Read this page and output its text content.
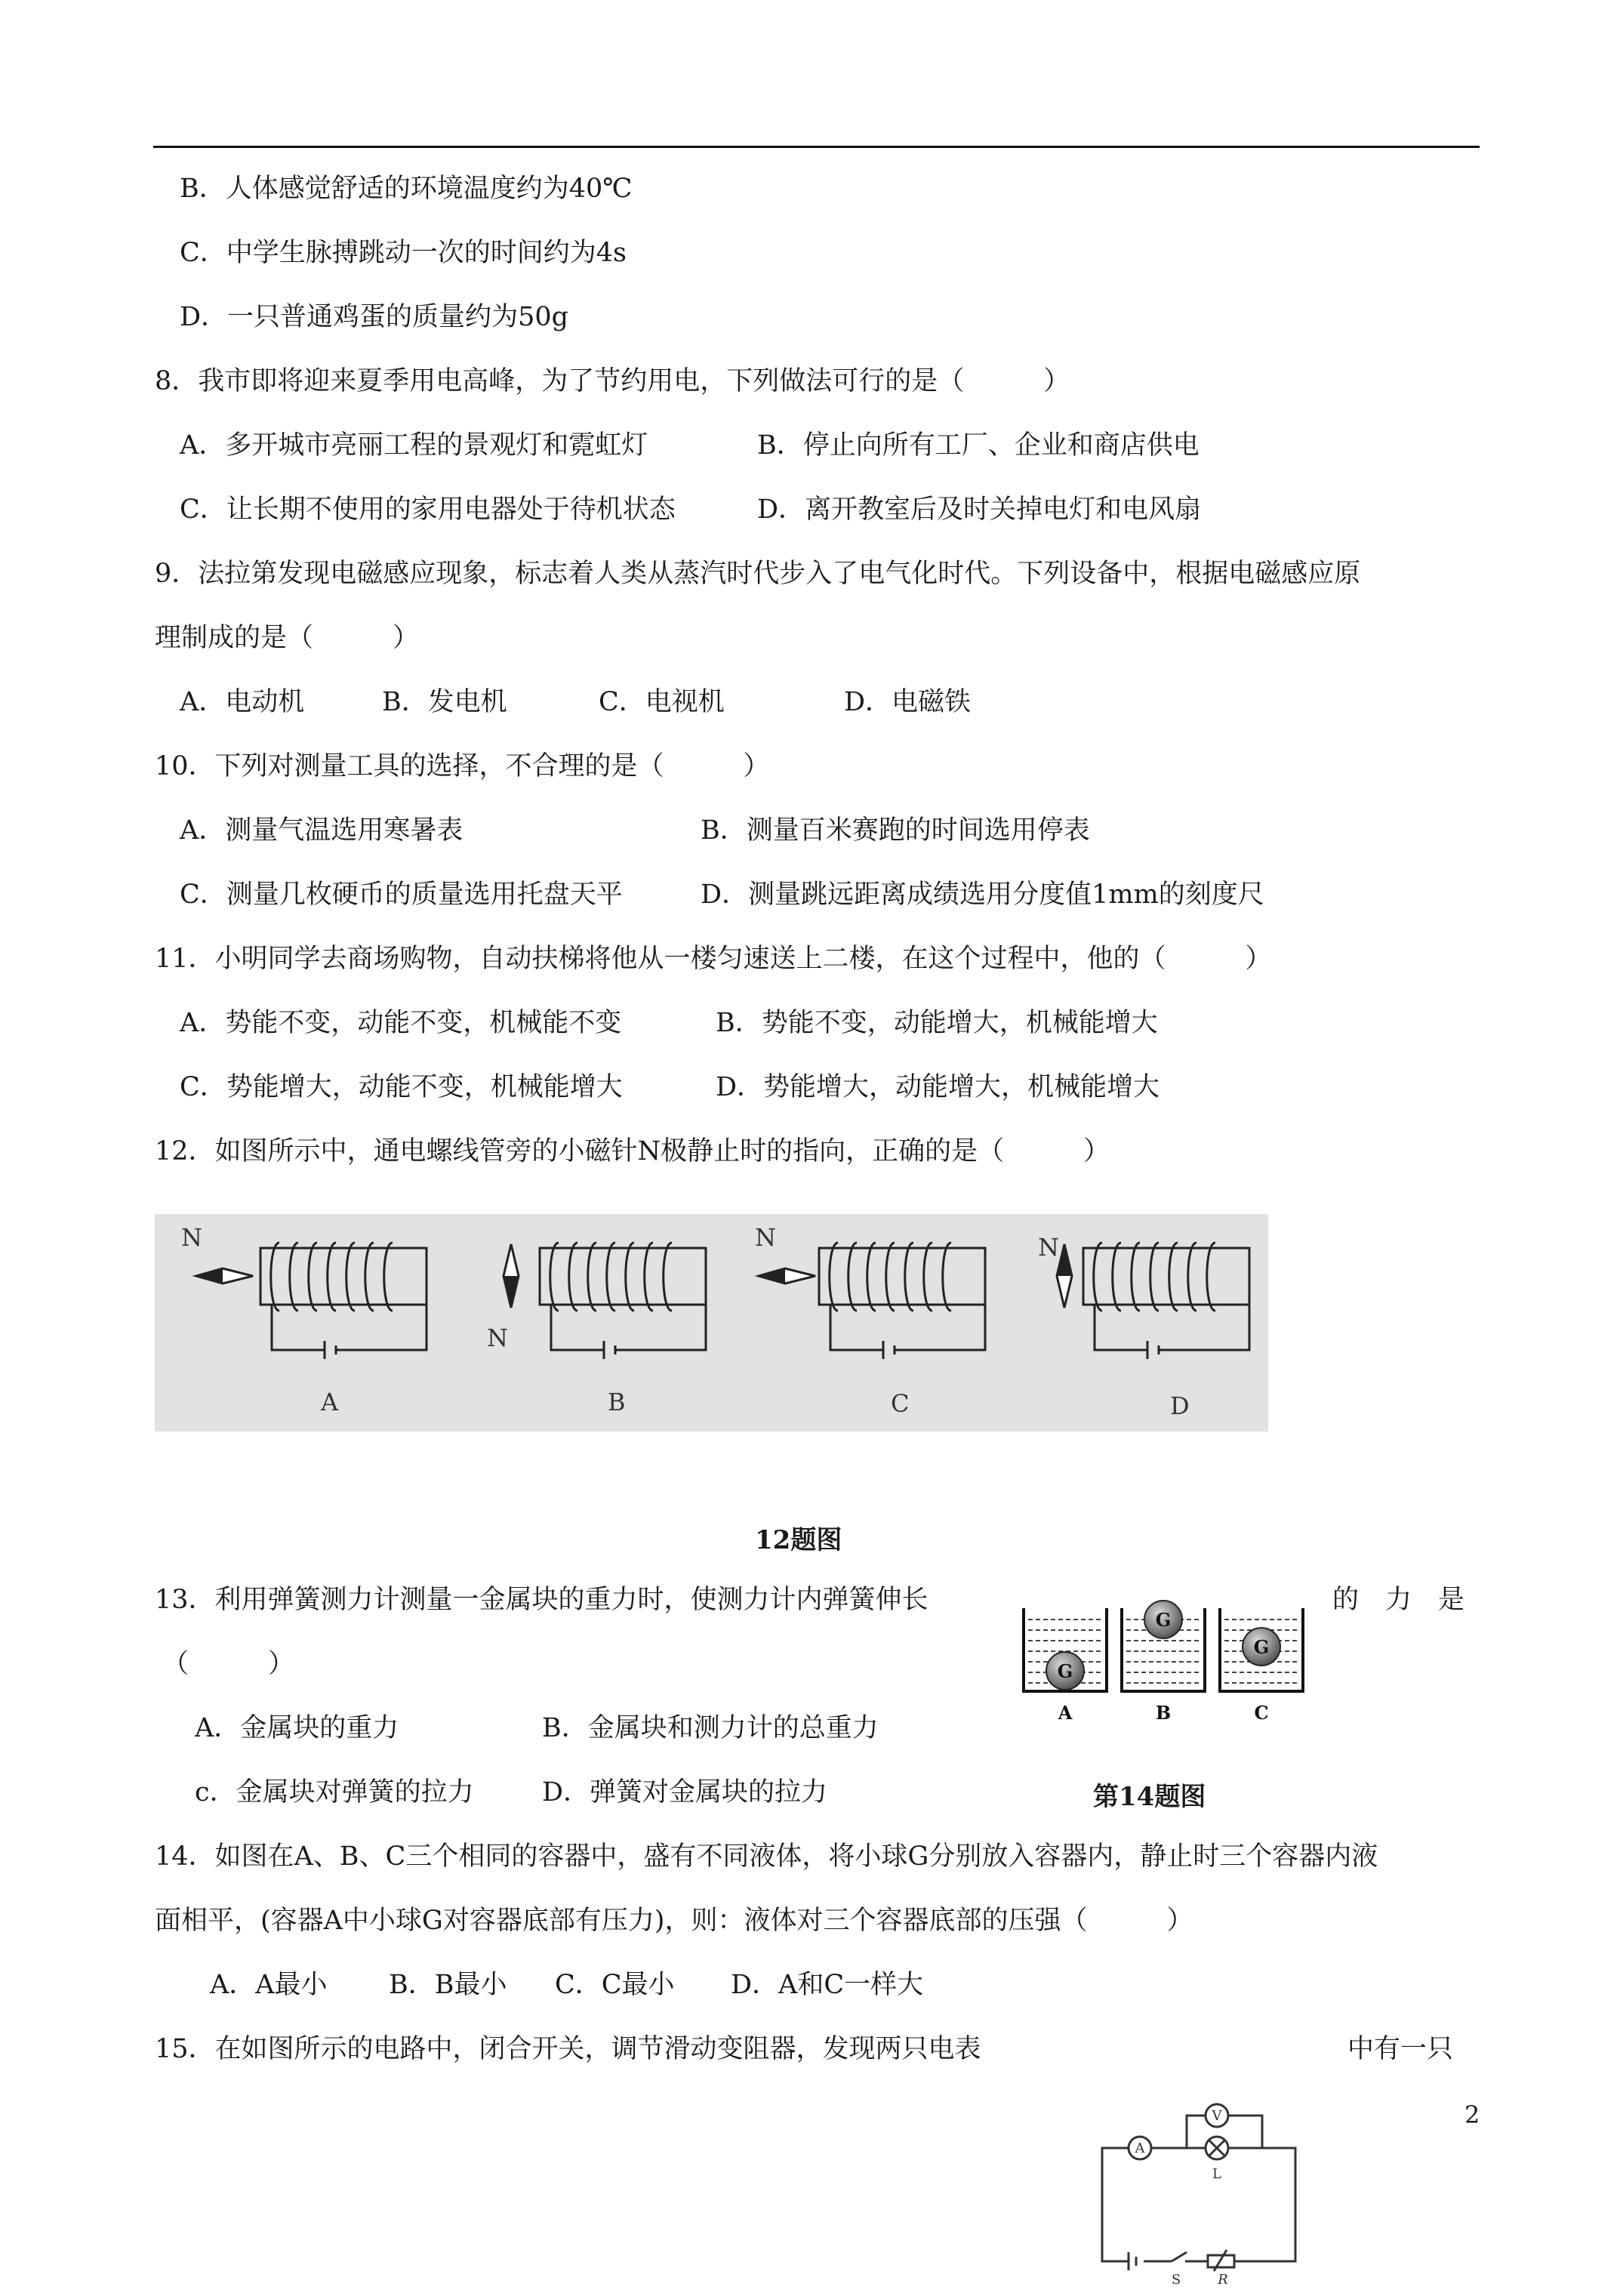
B．人体感觉舒适的环境温度约为40℃
C．中学生脉搏跳动一次的时间约为4s
D．一只普通鸡蛋的质量约为50g
8．我市即将迎来夏季用电高峰，为了节约用电，下列做法可行的是（　　　）
A．多开城市亮丽工程的景观灯和霓虹灯	B．停止向所有工厂、企业和商店供电
C．让长期不使用的家用电器处于待机状态	D．离开教室后及时关掉电灯和电风扇
9．法拉第发现电磁感应现象，标志着人类从蒸汽时代步入了电气化时代。下列设备中，根据电磁感应原
理制成的是（　　　）
A．电动机	B．发电机	C．电视机	D．电磁铁
10．下列对测量工具的选择，不合理的是（　　　）
A．测量气温选用寒暑表	B．测量百米赛跑的时间选用停表
C．测量几枚硬币的质量选用托盘天平	D．测量跳远距离成绩选用分度值1mm的刻度尺
11．小明同学去商场购物，自动扶梯将他从一楼匀速送上二楼，在这个过程中，他的（　　　）
A．势能不变，动能不变，机械能不变	B．势能不变，动能增大，机械能增大
C．势能增大，动能不变，机械能增大	D．势能增大，动能增大，机械能增大
12．如图所示中，通电螺线管旁的小磁针N极静止时的指向，正确的是（　　　）
N
N
N	N
A	B	C	D
12题图
13．利用弹簧测力计测量一金属块的重力时，使测力计内弹簧伸长	的　力　是
（　　　）
A．金属块的重力	B．金属块和测力计的总重力
c．金属块对弹簧的拉力	D．弹簧对金属块的拉力
G
G
G
A	B	C
第14题图
14．如图在A、B、C三个相同的容器中，盛有不同液体，将小球G分别放入容器内，静止时三个容器内液
面相平，(容器A中小球G对容器底部有压力)，则：液体对三个容器底部的压强（　　　）
A．A最小 B．B最小 C．C最小 D．A和C一样大
15．在如图所示的电路中，闭合开关，调节滑动变阻器，发现两只电表	中有一只
A
V
L
S	R
2
